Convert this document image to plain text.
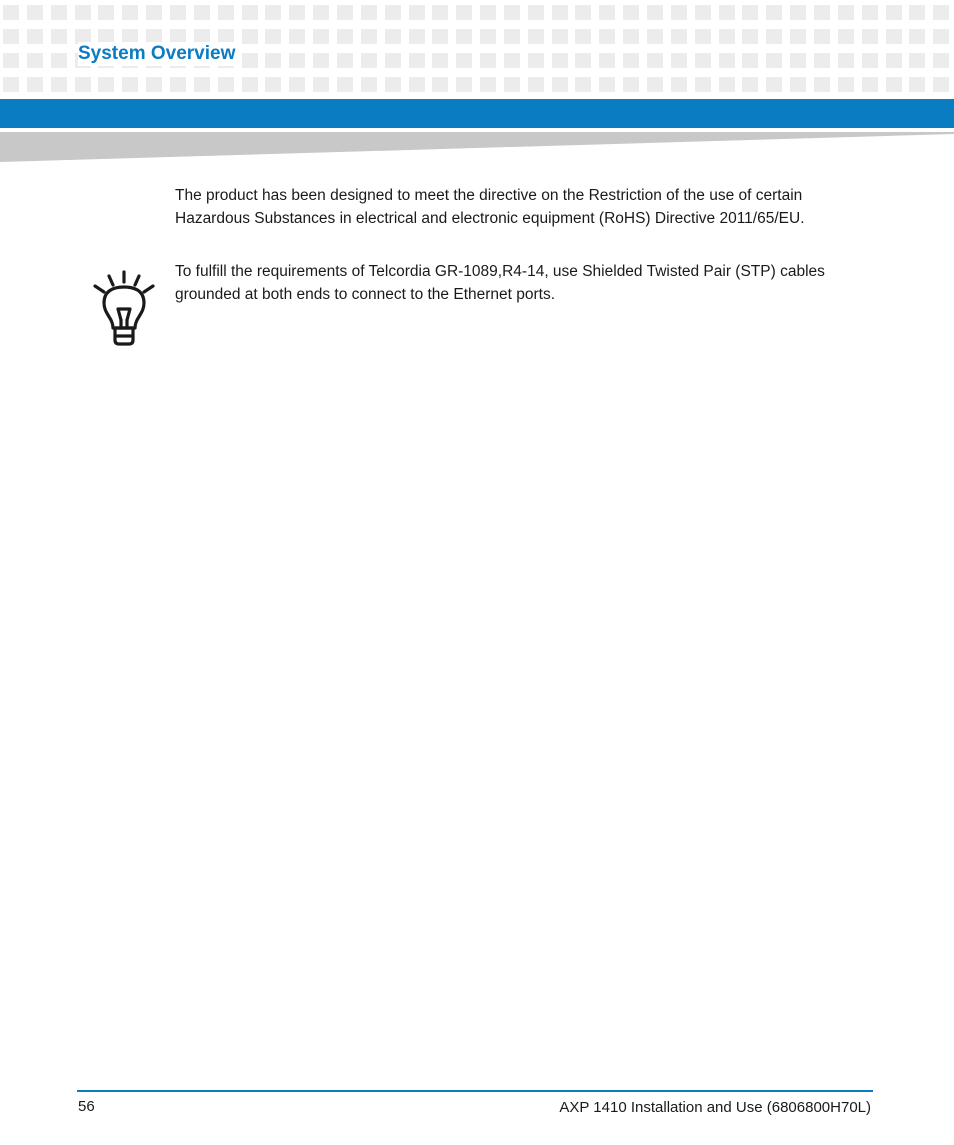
System Overview

The product has been designed to meet the directive on the Restriction of the use of certain Hazardous Substances in electrical and electronic equipment (RoHS) Directive 2011/65/EU.

To fulfill the requirements of Telcordia GR-1089,R4-14, use Shielded Twisted Pair (STP) cables grounded at both ends to connect to the Ethernet ports.

56	AXP 1410 Installation and Use (6806800H70L)
